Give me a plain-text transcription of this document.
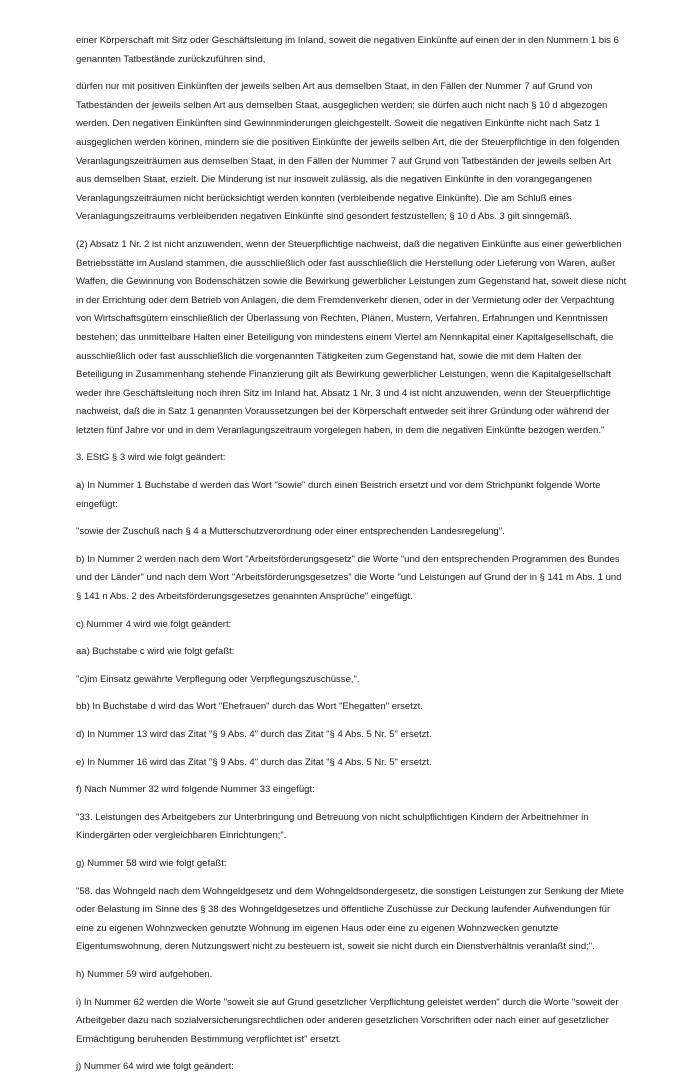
einer Körperschaft mit Sitz oder Geschäftsleitung im Inland, soweit die negativen Einkünfte auf einen der in den Nummern 1 bis 6 genannten Tatbestände zurückzuführen sind,

dürfen nur mit positiven Einkünften der jeweils selben Art aus demselben Staat, in den Fällen der Nummer 7 auf Grund von Tatbeständen der jeweils selben Art aus demselben Staat, ausgeglichen werden; sie dürfen auch nicht nach § 10 d abgezogen werden. Den negativen Einkünften sind Gewinnminderungen gleichgestellt. Soweit die negativen Einkünfte nicht nach Satz 1 ausgeglichen werden können, mindern sie die positiven Einkünfte der jeweils selben Art, die der Steuerpflichtige in den folgenden Veranlagungszeiträumen aus demselben Staat, in den Fällen der Nummer 7 auf Grund von Tatbeständen der jeweils selben Art aus demselben Staat, erzielt. Die Minderung ist nur insoweit zulässig, als die negativen Einkünfte in den vorangegangenen Veranlagungszeiträumen nicht berücksichtigt werden konnten (verbleibende negative Einkünfte). Die am Schluß eines Veranlagungszeitraums verbleibenden negativen Einkünfte sind gesondert festzustellen; § 10 d Abs. 3 gilt sinngemäß.

(2) Absatz 1 Nr. 2 ist nicht anzuwenden, wenn der Steuerpflichtige nachweist, daß die negativen Einkünfte aus einer gewerblichen Betriebsstätte im Ausland stammen, die ausschließlich oder fast ausschließlich die Herstellung oder Lieferung von Waren, außer Waffen, die Gewinnung von Bodenschätzen sowie die Bewirkung gewerblicher Leistungen zum Gegenstand hat, soweit diese nicht in der Errichtung oder dem Betrieb von Anlagen, die dem Fremdenverkehr dienen, oder in der Vermietung oder der Verpachtung von Wirtschaftsgütern einschließlich der Überlassung von Rechten, Plänen, Mustern, Verfahren, Erfahrungen und Kenntnissen bestehen; das unmittelbare Halten einer Beteiligung von mindestens einem Viertel am Nennkapital einer Kapitalgesellschaft, die ausschließlich oder fast ausschließlich die vorgenannten Tätigkeiten zum Gegenstand hat, sowie die mit dem Halten der Beteiligung in Zusammenhang stehende Finanzierung gilt als Bewirkung gewerblicher Leistungen, wenn die Kapitalgesellschaft weder ihre Geschäftsleitung noch ihren Sitz im Inland hat. Absatz 1 Nr. 3 und 4 ist nicht anzuwenden, wenn der Steuerpflichtige nachweist, daß die in Satz 1 genannten Voraussetzungen bei der Körperschaft entweder seit ihrer Gründung oder während der letzten fünf Jahre vor und in dem Veranlagungszeitraum vorgelegen haben, in dem die negativen Einkünfte bezogen werden."

3. EStG § 3 wird wie folgt geändert:

a) In Nummer 1 Buchstabe d werden das Wort "sowie" durch einen Beistrich ersetzt und vor dem Strichpunkt folgende Worte eingefügt:

"sowie der Zuschuß nach § 4 a Mutterschutzverordnung oder einer entsprechenden Landesregelung".

b) In Nummer 2 werden nach dem Wort "Arbeitsförderungsgesetz" die Worte "und den entsprechenden Programmen des Bundes und der Länder" und nach dem Wort "Arbeitsförderungsgesetzes" die Worte "und Leistungen auf Grund der in § 141 m Abs. 1 und § 141 n Abs. 2 des Arbeitsförderungsgesetzes genannten Ansprüche" eingefügt.

c) Nummer 4 wird wie folgt geändert:

aa) Buchstabe c wird wie folgt gefaßt:

"c)im Einsatz gewährte Verpflegung oder Verpflegungszuschüsse,".

bb) In Buchstabe d wird das Wort "Ehefrauen" durch das Wort "Ehegatten" ersetzt.

d) In Nummer 13 wird das Zitat "§ 9 Abs. 4" durch das Zitat "§ 4 Abs. 5 Nr. 5" ersetzt.

e) In Nummer 16 wird das Zitat "§ 9 Abs. 4" durch das Zitat "§ 4 Abs. 5 Nr. 5" ersetzt.

f) Nach Nummer 32 wird folgende Nummer 33 eingefügt:

"33. Leistungen des Arbeitgebers zur Unterbringung und Betreuung von nicht schulpflichtigen Kindern der Arbeitnehmer in Kindergärten oder vergleichbaren Einrichtungen;".

g) Nummer 58 wird wie folgt gefaßt:

"58. das Wohngeld nach dem Wohngeldgesetz und dem Wohngeldsondergesetz, die sonstigen Leistungen zur Senkung der Miete oder Belastung im Sinne des § 38 des Wohngeldgesetzes und öffentliche Zuschüsse zur Deckung laufender Aufwendungen für eine zu eigenen Wohnzwecken genutzte Wohnung im eigenen Haus oder eine zu eigenen Wohnzwecken genutzte Eigentumswohnung, deren Nutzungswert nicht zu besteuern ist, soweit sie nicht durch ein Dienstverhältnis veranlaßt sind;".

h) Nummer 59 wird aufgehoben.

i) In Nummer 62 werden die Worte "soweit sie auf Grund gesetzlicher Verpflichtung geleistet werden" durch die Worte "soweit der Arbeitgeber dazu nach sozialversicherungsrechtlichen oder anderen gesetzlichen Vorschriften oder nach einer auf gesetzlicher Ermächtigung beruhenden Bestimmung verpflichtet ist" ersetzt.

j) Nummer 64 wird wie folgt geändert:
